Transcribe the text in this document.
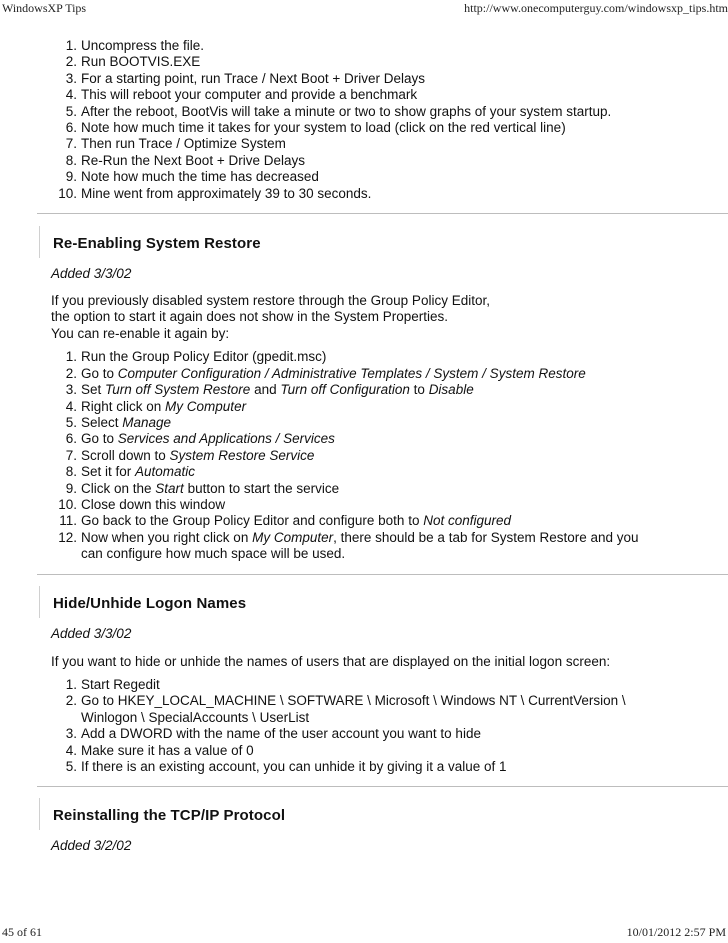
WindowsXP Tips	http://www.onecomputerguy.com/windowsxp_tips.htm
1. Uncompress the file.
2. Run BOOTVIS.EXE
3. For a starting point, run Trace / Next Boot + Driver Delays
4. This will reboot your computer and provide a benchmark
5. After the reboot, BootVis will take a minute or two to show graphs of your system startup.
6. Note how much time it takes for your system to load (click on the red vertical line)
7. Then run Trace / Optimize System
8. Re-Run the Next Boot + Drive Delays
9. Note how much the time has decreased
10. Mine went from approximately 39 to 30 seconds.
Re-Enabling System Restore
Added 3/3/02
If you previously disabled system restore through the Group Policy Editor,
the option to start it again does not show in the System Properties.
You can re-enable it again by:
1. Run the Group Policy Editor (gpedit.msc)
2. Go to Computer Configuration / Administrative Templates / System / System Restore
3. Set Turn off System Restore and Turn off Configuration to Disable
4. Right click on My Computer
5. Select Manage
6. Go to Services and Applications / Services
7. Scroll down to System Restore Service
8. Set it for Automatic
9. Click on the Start button to start the service
10. Close down this window
11. Go back to the Group Policy Editor and configure both to Not configured
12. Now when you right click on My Computer, there should be a tab for System Restore and you can configure how much space will be used.
Hide/Unhide Logon Names
Added 3/3/02
If you want to hide or unhide the names of users that are displayed on the initial logon screen:
1. Start Regedit
2. Go to HKEY_LOCAL_MACHINE \ SOFTWARE \ Microsoft \ Windows NT \ CurrentVersion \ Winlogon \ SpecialAccounts \ UserList
3. Add a DWORD with the name of the user account you want to hide
4. Make sure it has a value of 0
5. If there is an existing account, you can unhide it by giving it a value of 1
Reinstalling the TCP/IP Protocol
Added 3/2/02
45 of 61	10/01/2012 2:57 PM
